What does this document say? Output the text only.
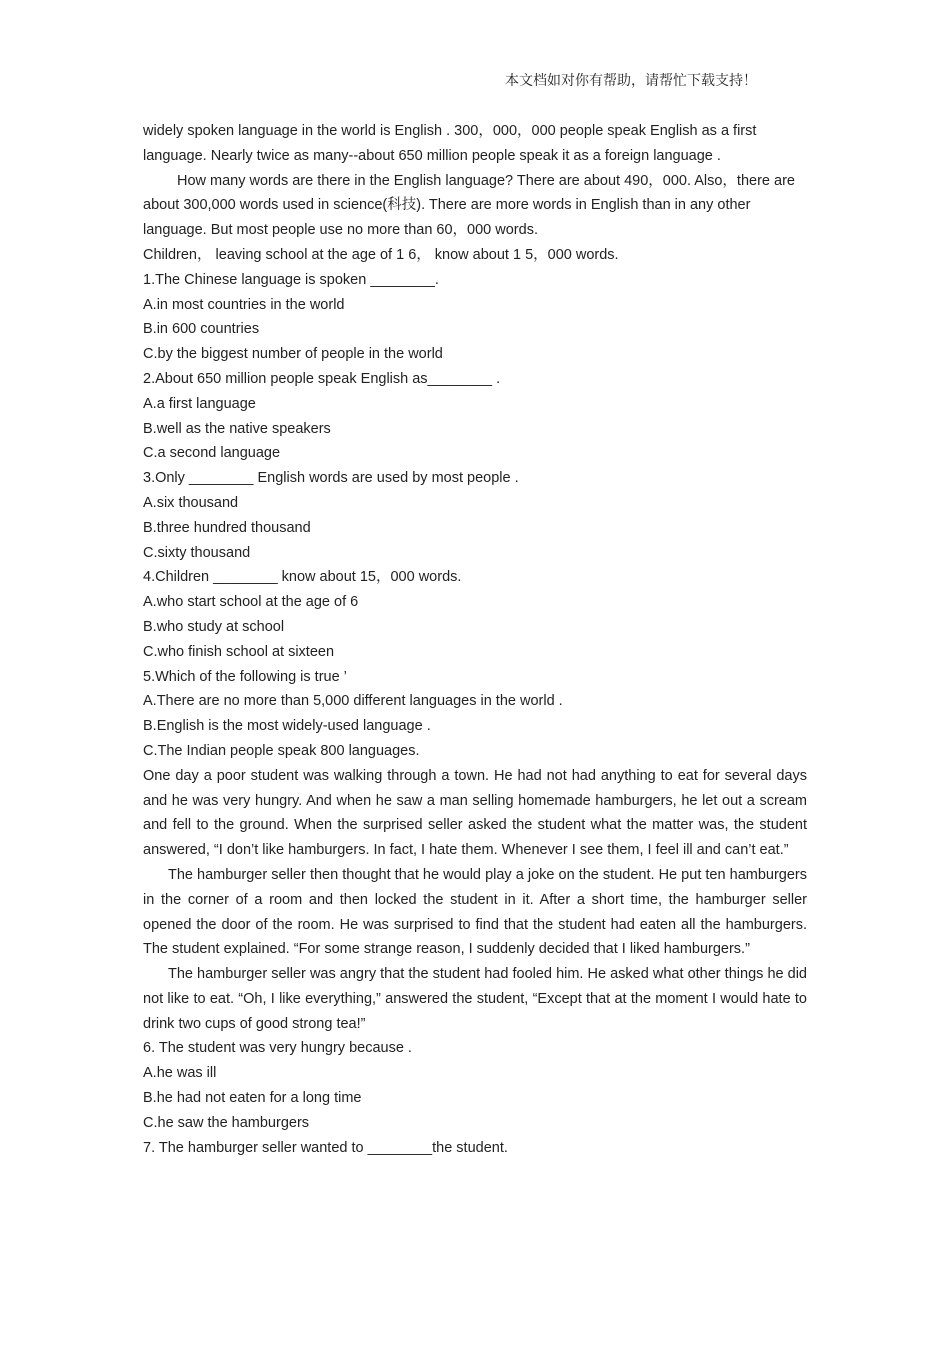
本文档如对你有帮助，请帮忙下载支持！

widely spoken language in the world is English . 300，000，000 people speak English as a first language. Nearly twice as many--about 650 million people speak it as a foreign language .

How many words are there in the English language? There are about 490，000. Also，there are about 300,000 words used in science(科技). There are more words in English than in any other language. But most people use no more than 60，000 words.

Children， leaving school at the age of 1 6， know about 1 5，000 words.

1.The Chinese language is spoken ________.

A.in most countries in the world

B.in 600 countries

C.by the biggest number of people in the world

2.About 650 million people speak English as________ .

A.a first language

B.well as the native speakers

C.a second language

3.Only ________ English words are used by most people .

A.six thousand

B.three hundred thousand

C.sixty thousand

4.Children ________ know about 15，000 words.

A.who start school at the age of 6

B.who study at school

C.who finish school at sixteen

5.Which of the following is true ’

A.There are no more than 5,000 different languages in the world .

B.English is the most widely-used language .

C.The Indian people speak 800 languages.

One day a poor student was walking through a town. He had not had anything to eat for several days and he was very hungry. And when he saw a man selling homemade hamburgers, he let out a scream and fell to the ground. When the surprised seller asked the student what the matter was, the student answered, “I don’t like hamburgers. In fact, I hate them. Whenever I see them, I feel ill and can’t eat.”

The hamburger seller then thought that he would play a joke on the student. He put ten hamburgers in the corner of a room and then locked the student in it. After a short time, the hamburger seller opened the door of the room. He was surprised to find that the student had eaten all the hamburgers. The student explained. “For some strange reason, I suddenly decided that I liked hamburgers.”

The hamburger seller was angry that the student had fooled him. He asked what other things he did not like to eat. “Oh, I like everything,” answered the student, “Except that at the moment I would hate to drink two cups of good strong tea!”

6. The student was very hungry because .

A.he was ill

B.he had not eaten for a long time

C.he saw the hamburgers

7. The hamburger seller wanted to ________the student.
